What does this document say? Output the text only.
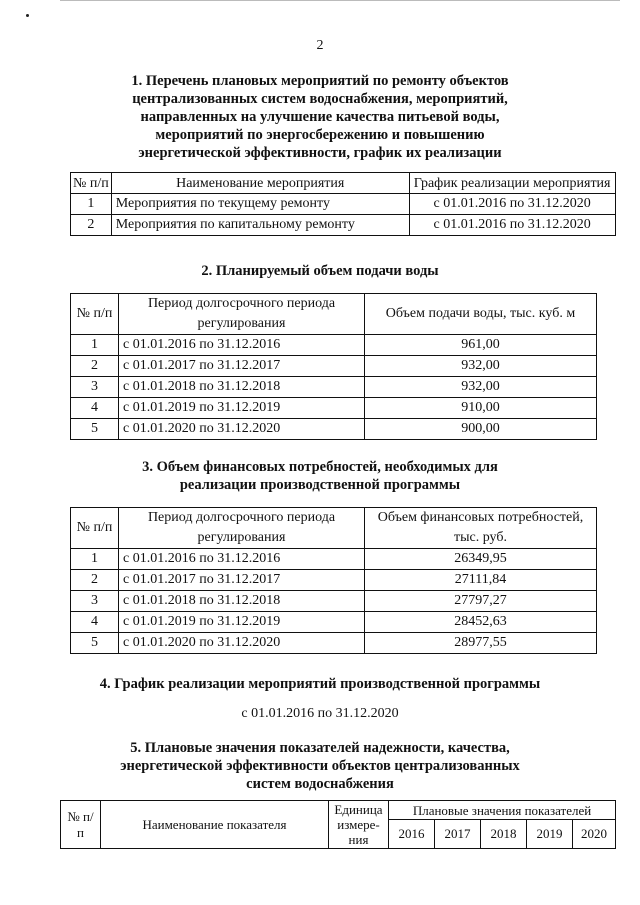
2
1. Перечень плановых мероприятий по ремонту объектов
централизованных систем водоснабжения, мероприятий,
направленных на улучшение качества питьевой воды,
мероприятий по энергосбережению и повышению
энергетической эффективности, график их реализации
№ п/п	Наименование мероприятия	График реализации мероприятия
1	Мероприятия по текущему ремонту	с 01.01.2016 по 31.12.2020
2	Мероприятия по капитальному ремонту	с 01.01.2016 по 31.12.2020
2. Планируемый объем подачи воды
№ п/п	Период долгосрочного периода регулирования	Объем подачи воды, тыс. куб. м
1	с 01.01.2016 по 31.12.2016	961,00
2	с 01.01.2017 по 31.12.2017	932,00
3	с 01.01.2018 по 31.12.2018	932,00
4	с 01.01.2019 по 31.12.2019	910,00
5	с 01.01.2020 по 31.12.2020	900,00
3. Объем финансовых потребностей, необходимых для
реализации производственной программы
№ п/п	Период долгосрочного периода регулирования	Объем финансовых потребностей, тыс. руб.
1	с 01.01.2016 по 31.12.2016	26349,95
2	с 01.01.2017 по 31.12.2017	27111,84
3	с 01.01.2018 по 31.12.2018	27797,27
4	с 01.01.2019 по 31.12.2019	28452,63
5	с 01.01.2020 по 31.12.2020	28977,55
4. График реализации мероприятий производственной программы
с 01.01.2016 по 31.12.2020
5. Плановые значения показателей надежности, качества,
энергетической эффективности объектов централизованных
систем водоснабжения
№ п/п	Наименование показателя	Единица измере- ния	Плановые значения показателей				
			2016	2017	2018	2019	2020
